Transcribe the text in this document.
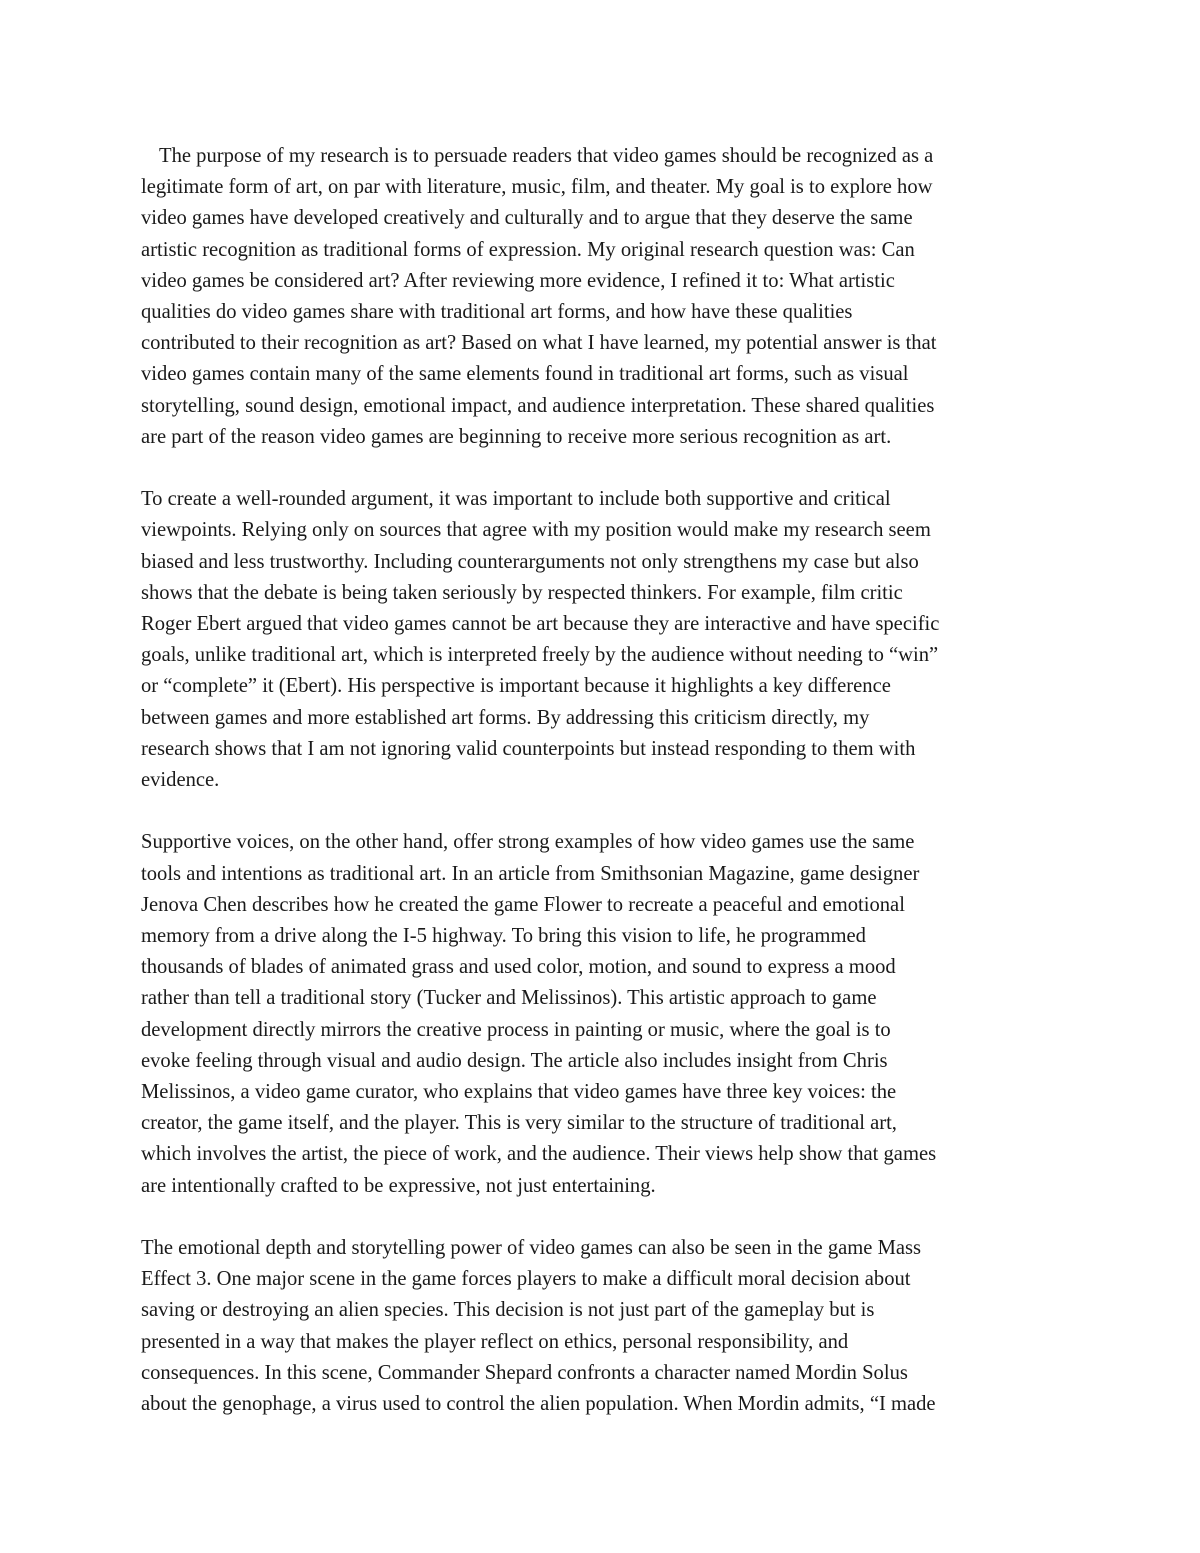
The purpose of my research is to persuade readers that video games should be recognized as a
legitimate form of art, on par with literature, music, film, and theater. My goal is to explore how
video games have developed creatively and culturally and to argue that they deserve the same
artistic recognition as traditional forms of expression. My original research question was: Can
video games be considered art? After reviewing more evidence, I refined it to: What artistic
qualities do video games share with traditional art forms, and how have these qualities
contributed to their recognition as art? Based on what I have learned, my potential answer is that
video games contain many of the same elements found in traditional art forms, such as visual
storytelling, sound design, emotional impact, and audience interpretation. These shared qualities
are part of the reason video games are beginning to receive more serious recognition as art.

To create a well-rounded argument, it was important to include both supportive and critical
viewpoints. Relying only on sources that agree with my position would make my research seem
biased and less trustworthy. Including counterarguments not only strengthens my case but also
shows that the debate is being taken seriously by respected thinkers. For example, film critic
Roger Ebert argued that video games cannot be art because they are interactive and have specific
goals, unlike traditional art, which is interpreted freely by the audience without needing to “win”
or “complete” it (Ebert). His perspective is important because it highlights a key difference
between games and more established art forms. By addressing this criticism directly, my
research shows that I am not ignoring valid counterpoints but instead responding to them with
evidence.

Supportive voices, on the other hand, offer strong examples of how video games use the same
tools and intentions as traditional art. In an article from Smithsonian Magazine, game designer
Jenova Chen describes how he created the game Flower to recreate a peaceful and emotional
memory from a drive along the I-5 highway. To bring this vision to life, he programmed
thousands of blades of animated grass and used color, motion, and sound to express a mood
rather than tell a traditional story (Tucker and Melissinos). This artistic approach to game
development directly mirrors the creative process in painting or music, where the goal is to
evoke feeling through visual and audio design. The article also includes insight from Chris
Melissinos, a video game curator, who explains that video games have three key voices: the
creator, the game itself, and the player. This is very similar to the structure of traditional art,
which involves the artist, the piece of work, and the audience. Their views help show that games
are intentionally crafted to be expressive, not just entertaining.

The emotional depth and storytelling power of video games can also be seen in the game Mass
Effect 3. One major scene in the game forces players to make a difficult moral decision about
saving or destroying an alien species. This decision is not just part of the gameplay but is
presented in a way that makes the player reflect on ethics, personal responsibility, and
consequences. In this scene, Commander Shepard confronts a character named Mordin Solus
about the genophage, a virus used to control the alien population. When Mordin admits, “I made
